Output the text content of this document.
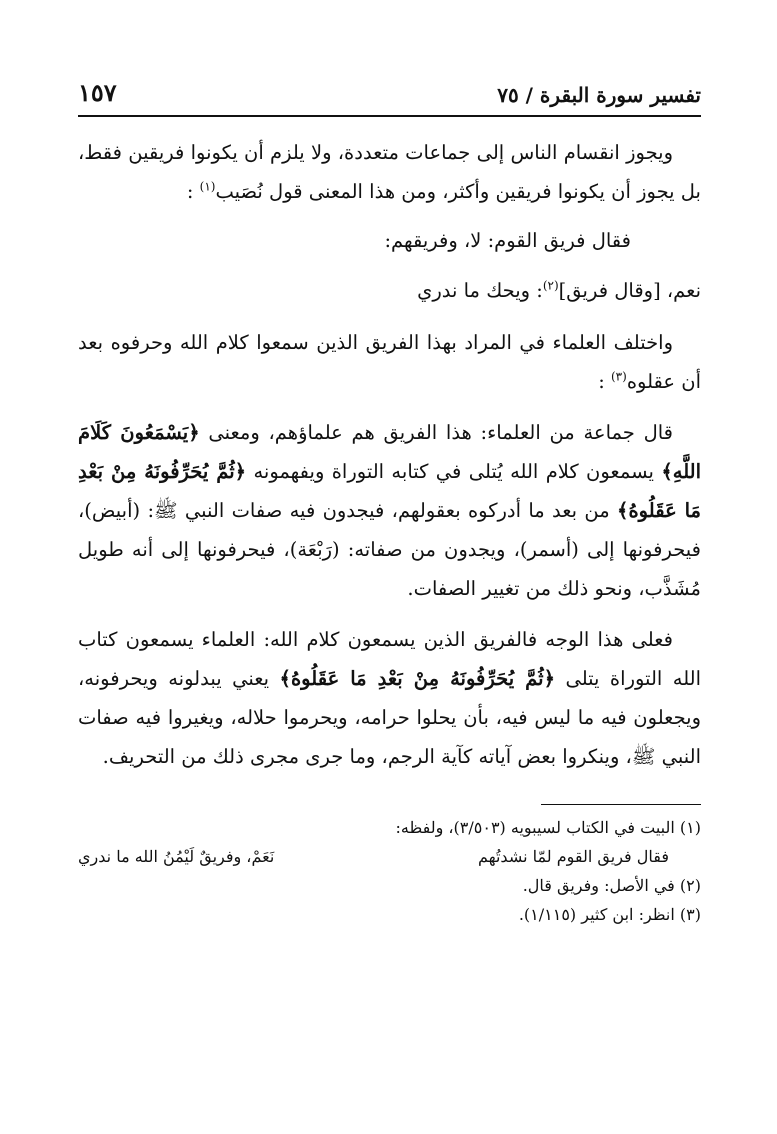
تفسير سورة البقرة / ٧٥
١٥٧

ويجوز انقسام الناس إلى جماعات متعددة، ولا يلزم أن يكونوا فريقين فقط، بل يجوز أن يكونوا فريقين وأكثر، ومن هذا المعنى قول نُصَيب$^{(١)}$ :

فقال فريق القوم: لا، وفريقهم:
نعم، [وقال فريق]$^{(٢)}$: ويحك ما ندري

واختلف العلماء في المراد بهذا الفريق الذين سمعوا كلام الله وحرفوه بعد أن عقلوه$^{(٣)}$ :

قال جماعة من العلماء: هذا الفريق هم علماؤهم، ومعنى ﴿يَسْمَعُونَ كَلَامَ اللَّهِ﴾ يسمعون كلام الله يُتلى في كتابه التوراة ويفهمونه ﴿ثُمَّ يُحَرِّفُونَهُ مِنْ بَعْدِ مَا عَقَلُوهُ﴾ من بعد ما أدركوه بعقولهم، فيجدون فيه صفات النبي ﷺ: (أبيض)، فيحرفونها إلى (أسمر)، ويجدون من صفاته: (رَبْعَة)، فيحرفونها إلى أنه طويل مُشَذَّب، ونحو ذلك من تغيير الصفات.

فعلى هذا الوجه فالفريق الذين يسمعون كلام الله: العلماء يسمعون كتاب الله التوراة يتلى ﴿ثُمَّ يُحَرِّفُونَهُ مِنْ بَعْدِ مَا عَقَلُوهُ﴾ يعني يبدلونه ويحرفونه، ويجعلون فيه ما ليس فيه، بأن يحلوا حرامه، ويحرموا حلاله، ويغيروا فيه صفات النبي ﷺ، وينكروا بعض آياته كآية الرجم، وما جرى مجرى ذلك من التحريف.

(١) البيت في الكتاب لسيبويه (٣/٥٠٣)، ولفظه:
فقال فريق القوم لمّا نشدتُهم
نَعَمْ، وفريقٌ لَيْمُنُ الله ما ندري
(٢) في الأصل: وفريق قال.
(٣) انظر: ابن كثير (١/١١٥).
